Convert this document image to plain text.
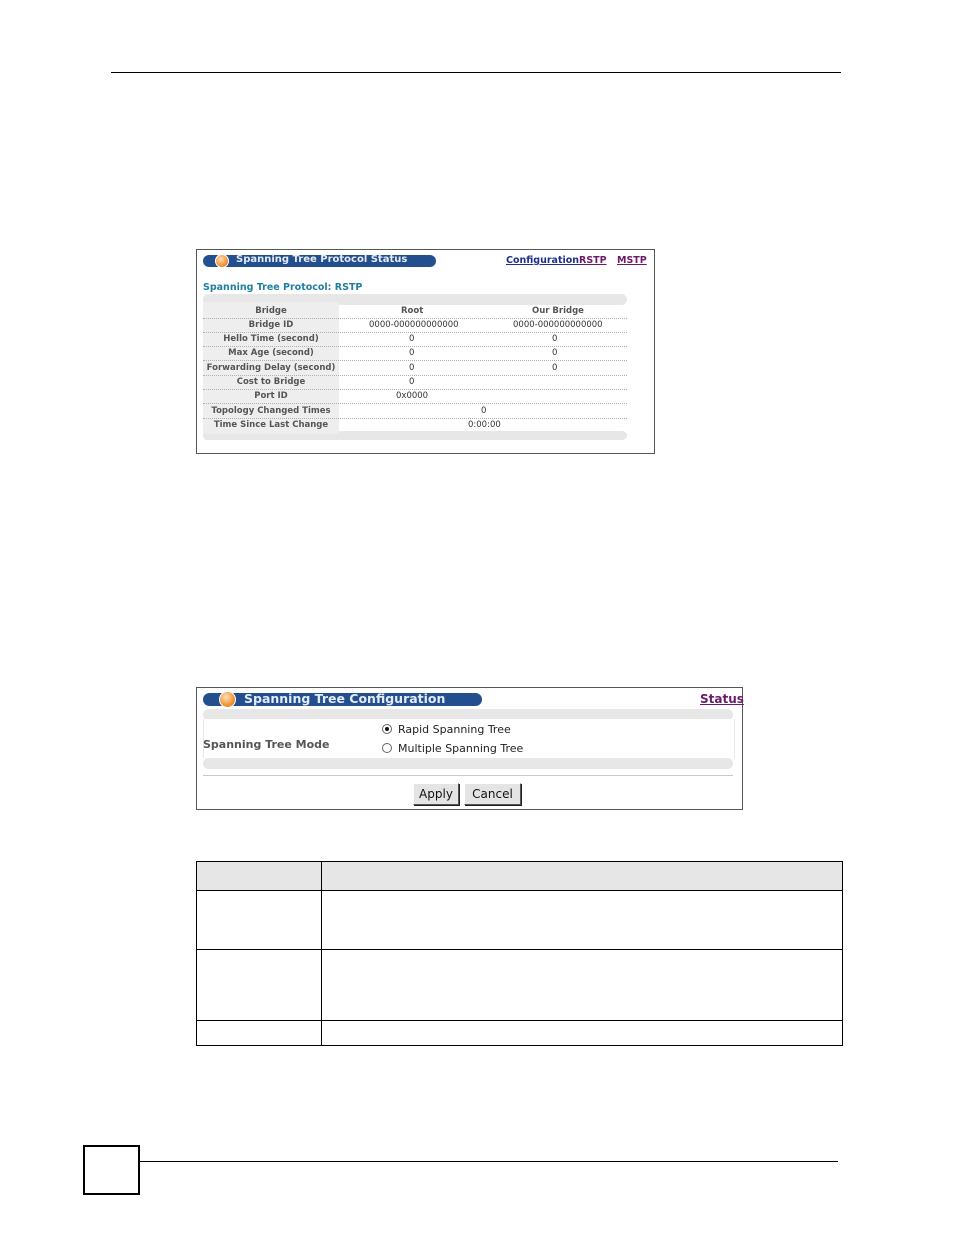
Spanning Tree Protocol Status	Configuration RSTP MSTP
Spanning Tree Protocol: RSTP
Bridge	Root	Our Bridge
Bridge ID	0000-000000000000	0000-000000000000
Hello Time (second)	0	0
Max Age (second)	0	0
Forwarding Delay (second)	0	0
Cost to Bridge	0
Port ID	0x0000
Topology Changed Times	0
Time Since Last Change	0:00:00
Spanning Tree Configuration	Status
Spanning Tree Mode
Rapid Spanning Tree
Multiple Spanning Tree
Apply	Cancel
